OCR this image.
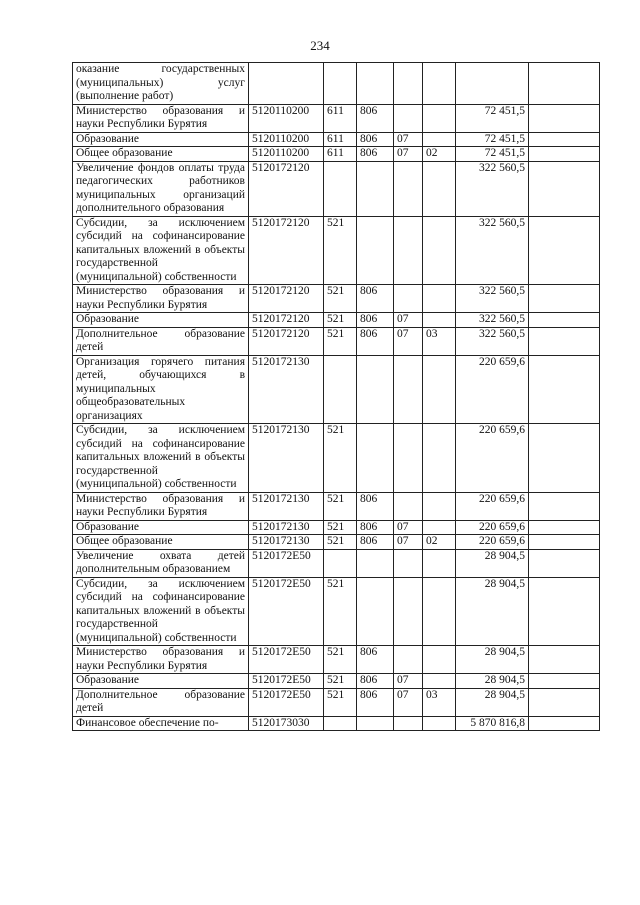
234
оказание государственных (муниципальных) услуг (выполнение работ)							
Министерство образования и науки Республики Бурятия	5120110200	611	806			72 451,5	
Образование	5120110200	611	806	07		72 451,5	
Общее образование	5120110200	611	806	07	02	72 451,5	
Увеличение фондов оплаты труда педагогических работников муниципальных организаций дополнительного образования	5120172120					322 560,5	
Субсидии, за исключением субсидий на софинансирование капитальных вложений в объекты государственной (муниципальной) собственности	5120172120	521				322 560,5	
Министерство образования и науки Республики Бурятия	5120172120	521	806			322 560,5	
Образование	5120172120	521	806	07		322 560,5	
Дополнительное образование детей	5120172120	521	806	07	03	322 560,5	
Организация горячего питания детей, обучающихся в муниципальных общеобразовательных организациях	5120172130					220 659,6	
Субсидии, за исключением субсидий на софинансирование капитальных вложений в объекты государственной (муниципальной) собственности	5120172130	521				220 659,6	
Министерство образования и науки Республики Бурятия	5120172130	521	806			220 659,6	
Образование	5120172130	521	806	07		220 659,6	
Общее образование	5120172130	521	806	07	02	220 659,6	
Увеличение охвата детей дополнительным образованием	5120172E50					28 904,5	
Субсидии, за исключением субсидий на софинансирование капитальных вложений в объекты государственной (муниципальной) собственности	5120172E50	521				28 904,5	
Министерство образования и науки Республики Бурятия	5120172E50	521	806			28 904,5	
Образование	5120172E50	521	806	07		28 904,5	
Дополнительное образование детей	5120172E50	521	806	07	03	28 904,5	
Финансовое обеспечение по-	5120173030					5 870 816,8	
